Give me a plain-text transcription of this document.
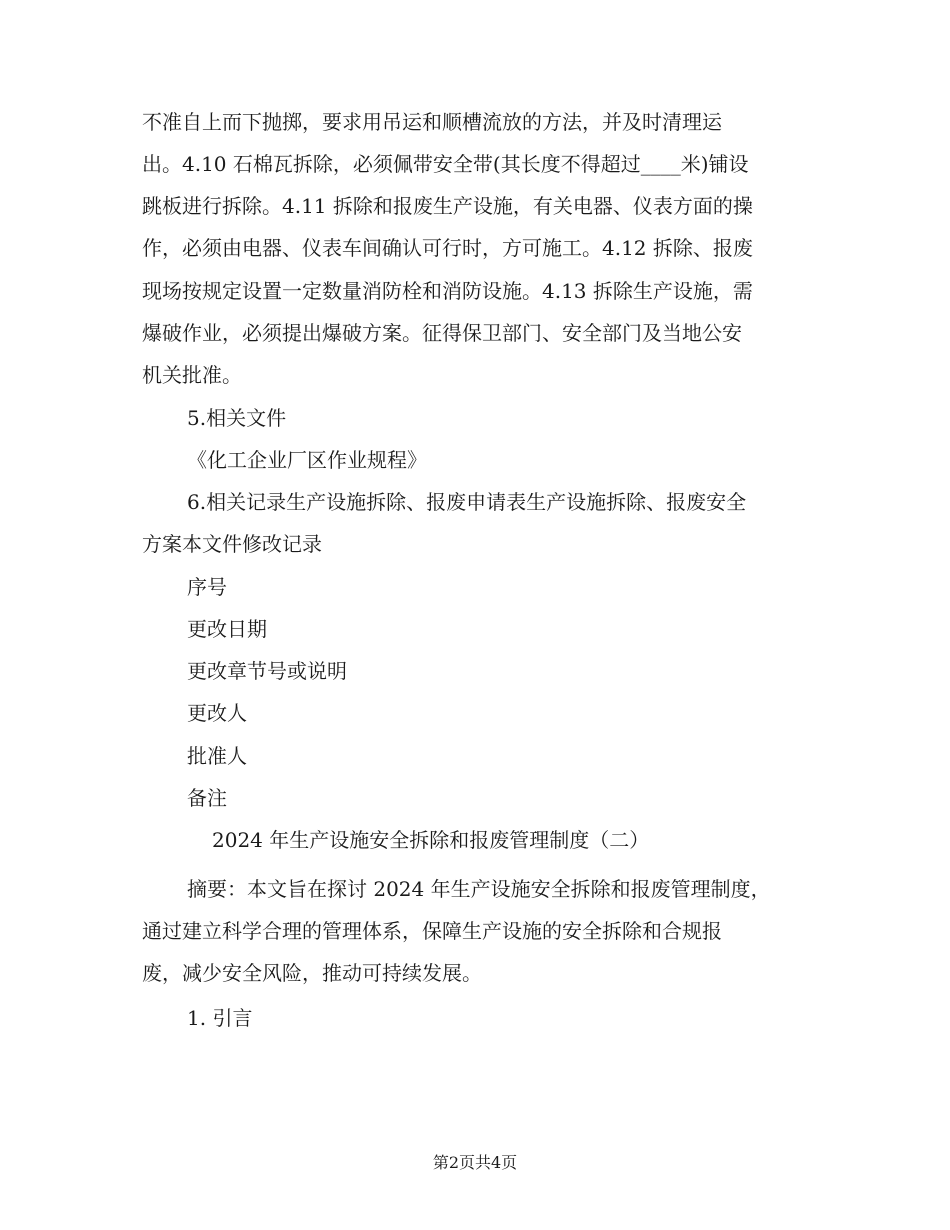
不准自上而下抛掷，要求用吊运和顺槽流放的方法，并及时清理运
出。4.10 石棉瓦拆除，必须佩带安全带(其长度不得超过____米)铺设
跳板进行拆除。4.11 拆除和报废生产设施，有关电器、仪表方面的操
作，必须由电器、仪表车间确认可行时，方可施工。4.12 拆除、报废
现场按规定设置一定数量消防栓和消防设施。4.13 拆除生产设施，需
爆破作业，必须提出爆破方案。征得保卫部门、安全部门及当地公安
机关批准。
5.相关文件
《化工企业厂区作业规程》
6.相关记录生产设施拆除、报废申请表生产设施拆除、报废安全
方案本文件修改记录
序号
更改日期
更改章节号或说明
更改人
批准人
备注
2024 年生产设施安全拆除和报废管理制度（二）
摘要：本文旨在探讨 2024 年生产设施安全拆除和报废管理制度，
通过建立科学合理的管理体系，保障生产设施的安全拆除和合规报
废，减少安全风险，推动可持续发展。
1. 引言
第2页共4页
